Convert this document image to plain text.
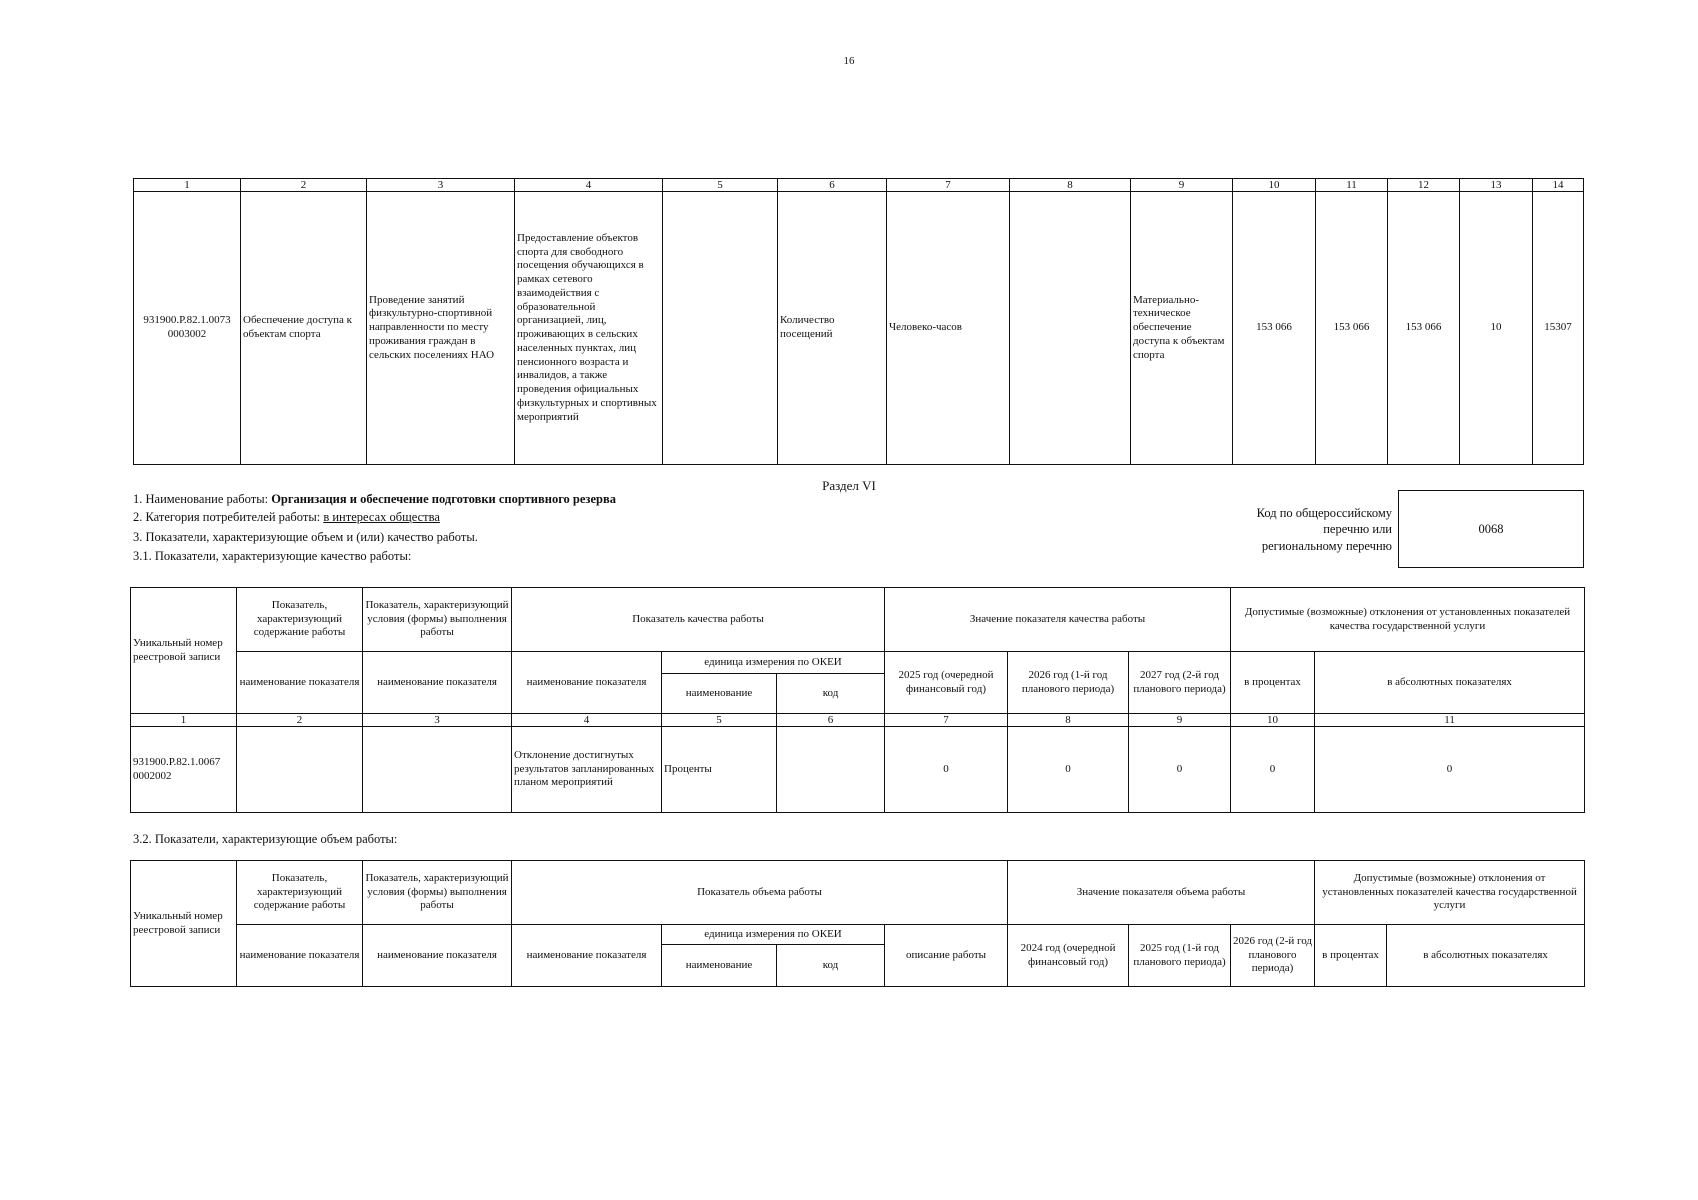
16
1	2	3	4	5	6	7	8	9	10	11	12	13	14
931900.Р.82.1.0073 0003002	Обеспечение доступа к объектам спорта	Проведение занятий физкультурно-спортивной направленности по месту проживания граждан в сельских поселениях НАО	Предоставление объектов спорта для свободного посещения обучающихся в рамках сетевого взаимодействия с образовательной организацией, лиц, проживающих в сельских населенных пунктах, лиц пенсионного возраста и инвалидов, а также проведения официальных физкультурных и спортивных мероприятий		Количество посещений	Человеко-часов		Материально-техническое обеспечение доступа к объектам спорта	153 066	153 066	153 066	10	15307
Раздел VI
1. Наименование работы: Организация и обеспечение подготовки спортивного резерва
2. Категория потребителей работы: в интересах общества
3. Показатели, характеризующие объем и (или) качество работы.
3.1. Показатели, характеризующие качество работы:
Код по общероссийскому
перечню или
региональному перечню
0068
Уникальный номер реестровой записи	Показатель, характеризующий содержание работы	Показатель, характеризующий условия (формы) выполнения работы	Показатель качества работы			Значение показателя качества работы			Допустимые (возможные) отклонения от установленных показателей качества государственной услуги	
	наименование показателя	наименование показателя	наименование показателя	единица измерения по ОКЕИ		2025 год (очередной финансовый год)	2026 год (1-й год планового периода)	2027 год (2-й год планового периода)	в процентах	в абсолютных показателях
				наименование	код					
1	2	3	4	5	6	7	8	9	10	11
931900.Р.82.1.0067 0002002			Отклонение достигнутых результатов запланированных планом мероприятий	Проценты		0	0	0	0	0
3.2. Показатели, характеризующие объем работы:
Уникальный номер реестровой записи	Показатель, характеризующий содержание работы	Показатель, характеризующий условия (формы) выполнения работы	Показатель объема работы				Значение показателя объема работы			Допустимые (возможные) отклонения от установленных показателей качества государственной услуги	
	наименование показателя	наименование показателя	наименование показателя	единица измерения по ОКЕИ		описание работы	2024 год (очередной финансовый год)	2025 год (1-й год планового периода)	2026 год (2-й год планового периода)	в процентах	в абсолютных показателях
				наименование	код						
